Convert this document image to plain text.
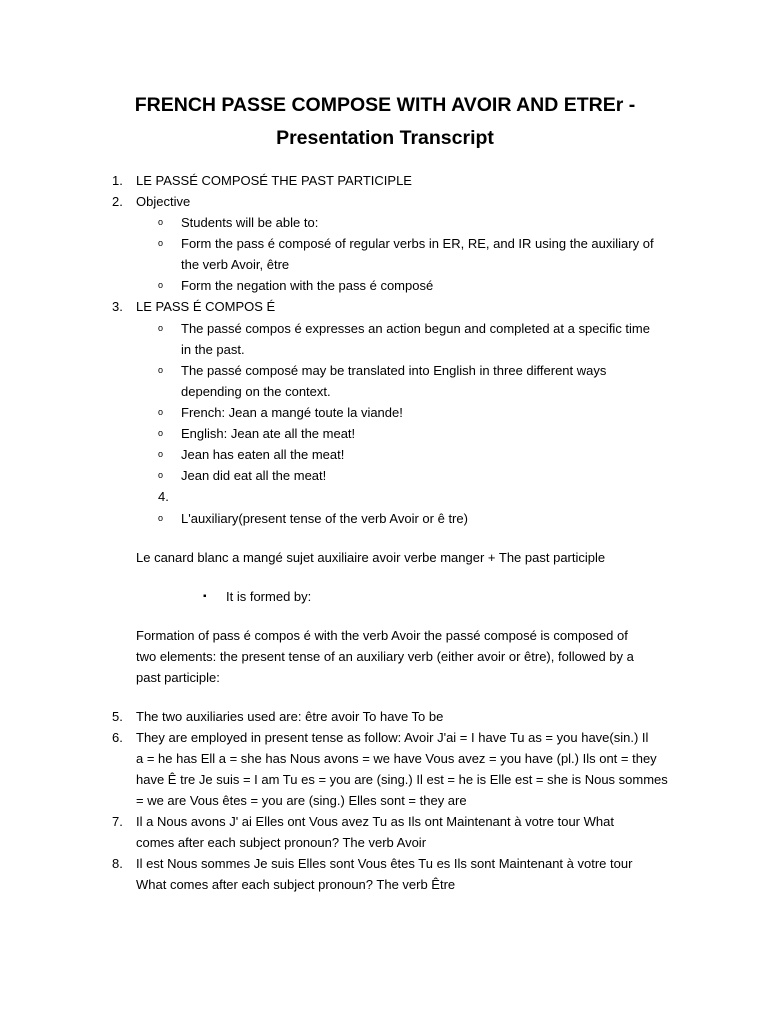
FRENCH PASSE COMPOSE WITH AVOIR AND ETREr -
Presentation Transcript
1. LE PASSÉ COMPOSÉ THE PAST PARTICIPLE
2. Objective
o Students will be able to:
o Form the pass é composé of regular verbs in ER, RE, and IR using the auxiliary of
the verb Avoir, être
o Form the negation with the pass é composé
3. LE PASS É COMPOS É
o The passé compos é expresses an action begun and completed at a specific time
in the past.
o The passé composé may be translated into English in three different ways
depending on the context.
o French: Jean a mangé toute la viande!
o English: Jean ate all the meat!
o Jean has eaten all the meat!
o Jean did eat all the meat!
4.
o L'auxiliary(present tense of the verb Avoir or ê tre)
Le canard blanc a mangé sujet auxiliaire avoir verbe manger + The past participle
▪ It is formed by:
Formation of pass é compos é with the verb Avoir the passé composé is composed of
two elements: the present tense of an auxiliary verb (either avoir or être), followed by a
past participle:
5. The two auxiliaries used are: être avoir To have To be
6. They are employed in present tense as follow: Avoir J'ai = I have Tu as = you have(sin.) Il
a = he has Ell a = she has Nous avons = we have Vous avez = you have (pl.) Ils ont = they
have Ê tre Je suis = I am Tu es = you are (sing.) Il est = he is Elle est = she is Nous sommes
= we are Vous êtes = you are (sing.) Elles sont = they are
7. Il a Nous avons J' ai Elles ont Vous avez Tu as Ils ont Maintenant à votre tour What
comes after each subject pronoun? The verb Avoir
8. Il est Nous sommes Je suis Elles sont Vous êtes Tu es Ils sont Maintenant à votre tour
What comes after each subject pronoun? The verb Être
